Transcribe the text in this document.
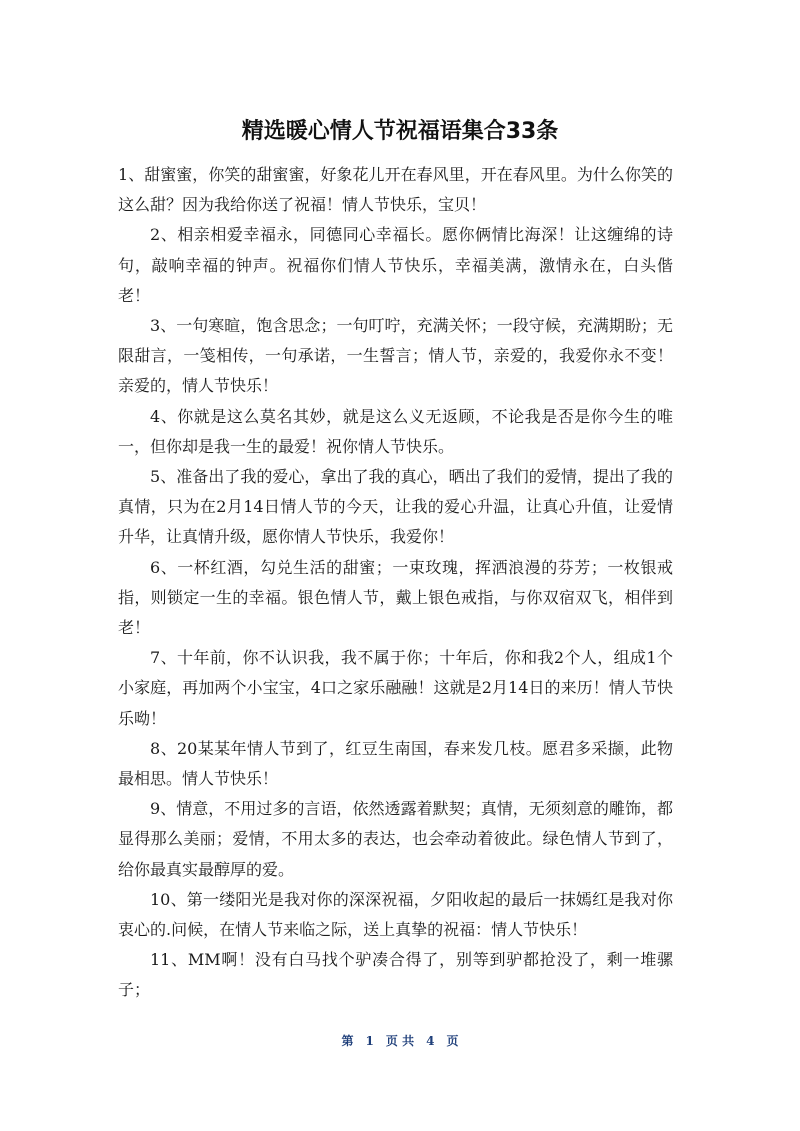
精选暖心情人节祝福语集合33条

1、甜蜜蜜，你笑的甜蜜蜜，好象花儿开在春风里，开在春风里。为什么你笑的这么甜？因为我给你送了祝福！情人节快乐，宝贝！

2、相亲相爱幸福永，同德同心幸福长。愿你俩情比海深！让这缠绵的诗句，敲响幸福的钟声。祝福你们情人节快乐，幸福美满，激情永在，白头偕老！

3、一句寒暄，饱含思念；一句叮咛，充满关怀；一段守候，充满期盼；无限甜言，一笺相传，一句承诺，一生誓言；情人节，亲爱的，我爱你永不变！亲爱的，情人节快乐！

4、你就是这么莫名其妙，就是这么义无返顾，不论我是否是你今生的唯一，但你却是我一生的最爱！祝你情人节快乐。

5、准备出了我的爱心，拿出了我的真心，晒出了我们的爱情，提出了我的真情，只为在2月14日情人节的今天，让我的爱心升温，让真心升值，让爱情升华，让真情升级，愿你情人节快乐，我爱你！

6、一杯红酒，勾兑生活的甜蜜；一束玫瑰，挥洒浪漫的芬芳；一枚银戒指，则锁定一生的幸福。银色情人节，戴上银色戒指，与你双宿双飞，相伴到老！

7、十年前，你不认识我，我不属于你；十年后，你和我2个人，组成1个小家庭，再加两个小宝宝，4口之家乐融融！这就是2月14日的来历！情人节快乐呦！

8、20某某年情人节到了，红豆生南国，春来发几枝。愿君多采撷，此物最相思。情人节快乐！

9、情意，不用过多的言语，依然透露着默契；真情，无须刻意的雕饰，都显得那么美丽；爱情，不用太多的表达，也会牵动着彼此。绿色情人节到了，给你最真实最醇厚的爱。

10、第一缕阳光是我对你的深深祝福，夕阳收起的最后一抹嫣红是我对你衷心的.问候，在情人节来临之际，送上真挚的祝福：情人节快乐！

11、MM啊！没有白马找个驴凑合得了，别等到驴都抢没了，剩一堆骡子；

第 1 页 共 4 页
